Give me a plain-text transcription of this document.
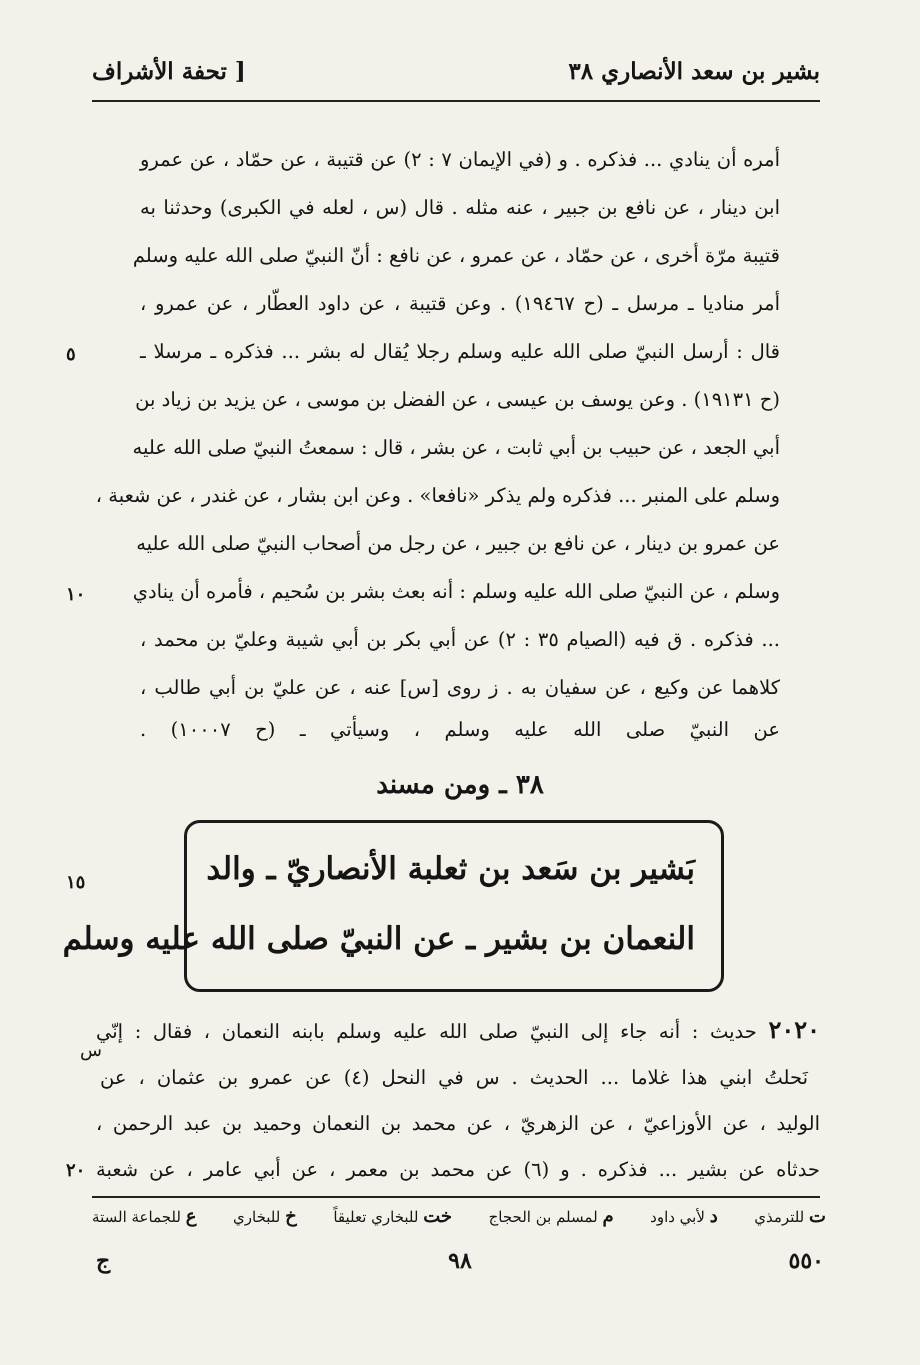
بشير بن سعد الأنصاري ٣٨
[ تحفة الأشراف
أمره أن ينادي ... فذكره . و (في الإيمان ٧ : ٢) عن قتيبة ، عن حمّاد ، عن عمرو
ابن دينار ، عن نافع بن جبير ، عنه مثله . قال (س ، لعله في الكبرى) وحدثنا به
قتيبة مرّة أخرى ، عن حمّاد ، عن عمرو ، عن نافع : أنّ النبيّ صلى الله عليه وسلم
أمر مناديا ـ مرسل ـ (ح ١٩٤٦٧) . وعن قتيبة ، عن داود العطّار ، عن عمرو ،
قال : أرسل النبيّ صلى الله عليه وسلم رجلا يُقال له بشر ... فذكره ـ مرسلا ـ
(ح ١٩١٣١) . وعن يوسف بن عيسى ، عن الفضل بن موسى ، عن يزيد بن زياد بن
أبي الجعد ، عن حبيب بن أبي ثابت ، عن بشر ، قال : سمعتُ النبيّ صلى الله عليه
وسلم على المنبر ... فذكره ولم يذكر «نافعا» . وعن ابن بشار ، عن غندر ، عن شعبة ،
عن عمرو بن دينار ، عن نافع بن جبير ، عن رجل من أصحاب النبيّ صلى الله عليه
وسلم ، عن النبيّ صلى الله عليه وسلم : أنه بعث بشر بن سُحيم ، فأمره أن ينادي
... فذكره . ق فيه (الصيام ٣٥ : ٢) عن أبي بكر بن أبي شيبة وعليّ بن محمد ،
كلاهما عن وكيع ، عن سفيان به . ز روى [س] عنه ، عن عليّ بن أبي طالب ،
عن النبيّ صلى الله عليه وسلم ، وسيأتي ـ (ح ١٠٠٠٧) .
٥
١٠
١٥
٢٠
٣٨ ـ ومن مسند
بَشير بن سَعد بن ثعلبة الأنصاريّ ـ والد
النعمان بن بشير ـ عن النبيّ صلى الله عليه وسلم
٢٠٢٠ حديث : أنه جاء إلى النبيّ صلى الله عليه وسلم بابنه النعمان ، فقال : إنّي
نَحلتُ ابني هذا غلاما ... الحديث . س في النحل (٤) عن عمرو بن عثمان ، عن
الوليد ، عن الأوزاعيّ ، عن الزهريّ ، عن محمد بن النعمان وحميد بن عبد الرحمن ،
حدثاه عن بشير ... فذكره . و (٦) عن محمد بن معمر ، عن أبي عامر ، عن شعبة
س
ع للجماعة الستة	خ للبخاري	خت للبخاري تعليقاً	م لمسلم بن الحجاج	د لأبي داود	ت للترمذي
٥٥٠
٩٨
ج
